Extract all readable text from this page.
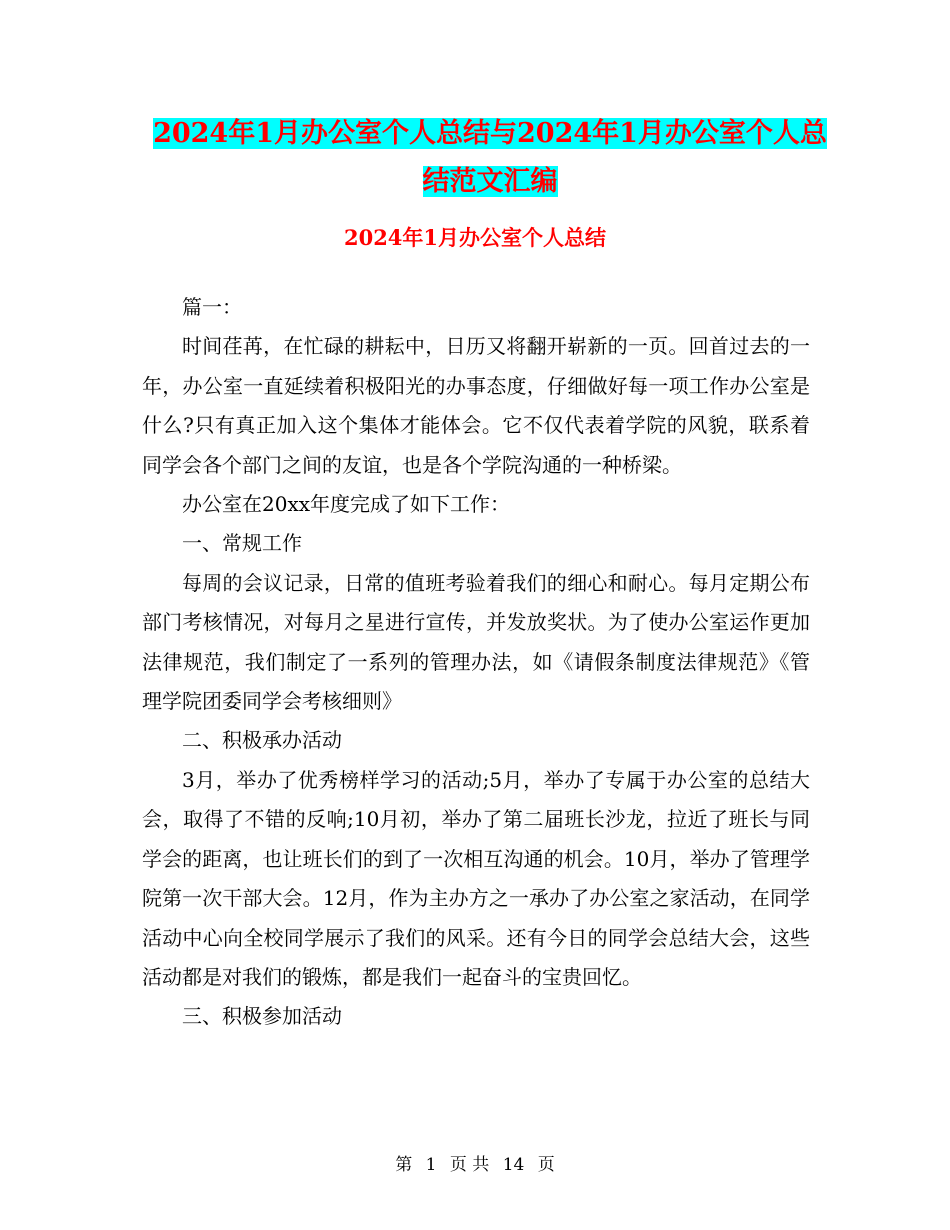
2024年1月办公室个人总结与2024年1月办公室个人总结范文汇编
2024年1月办公室个人总结

篇一：

时间荏苒，在忙碌的耕耘中，日历又将翻开崭新的一页。回首过去的一年，办公室一直延续着积极阳光的办事态度，仔细做好每一项工作办公室是什么?只有真正加入这个集体才能体会。它不仅代表着学院的风貌，联系着同学会各个部门之间的友谊，也是各个学院沟通的一种桥梁。

办公室在20xx年度完成了如下工作：

一、常规工作

每周的会议记录，日常的值班考验着我们的细心和耐心。每月定期公布部门考核情况，对每月之星进行宣传，并发放奖状。为了使办公室运作更加法律规范，我们制定了一系列的管理办法，如《请假条制度法律规范》《管理学院团委同学会考核细则》

二、积极承办活动

3月，举办了优秀榜样学习的活动;5月，举办了专属于办公室的总结大会，取得了不错的反响;10月初，举办了第二届班长沙龙，拉近了班长与同学会的距离，也让班长们的到了一次相互沟通的机会。10月，举办了管理学院第一次干部大会。12月，作为主办方之一承办了办公室之家活动，在同学活动中心向全校同学展示了我们的风采。还有今日的同学会总结大会，这些活动都是对我们的锻炼，都是我们一起奋斗的宝贵回忆。

三、积极参加活动

第 1 页 共 14 页
